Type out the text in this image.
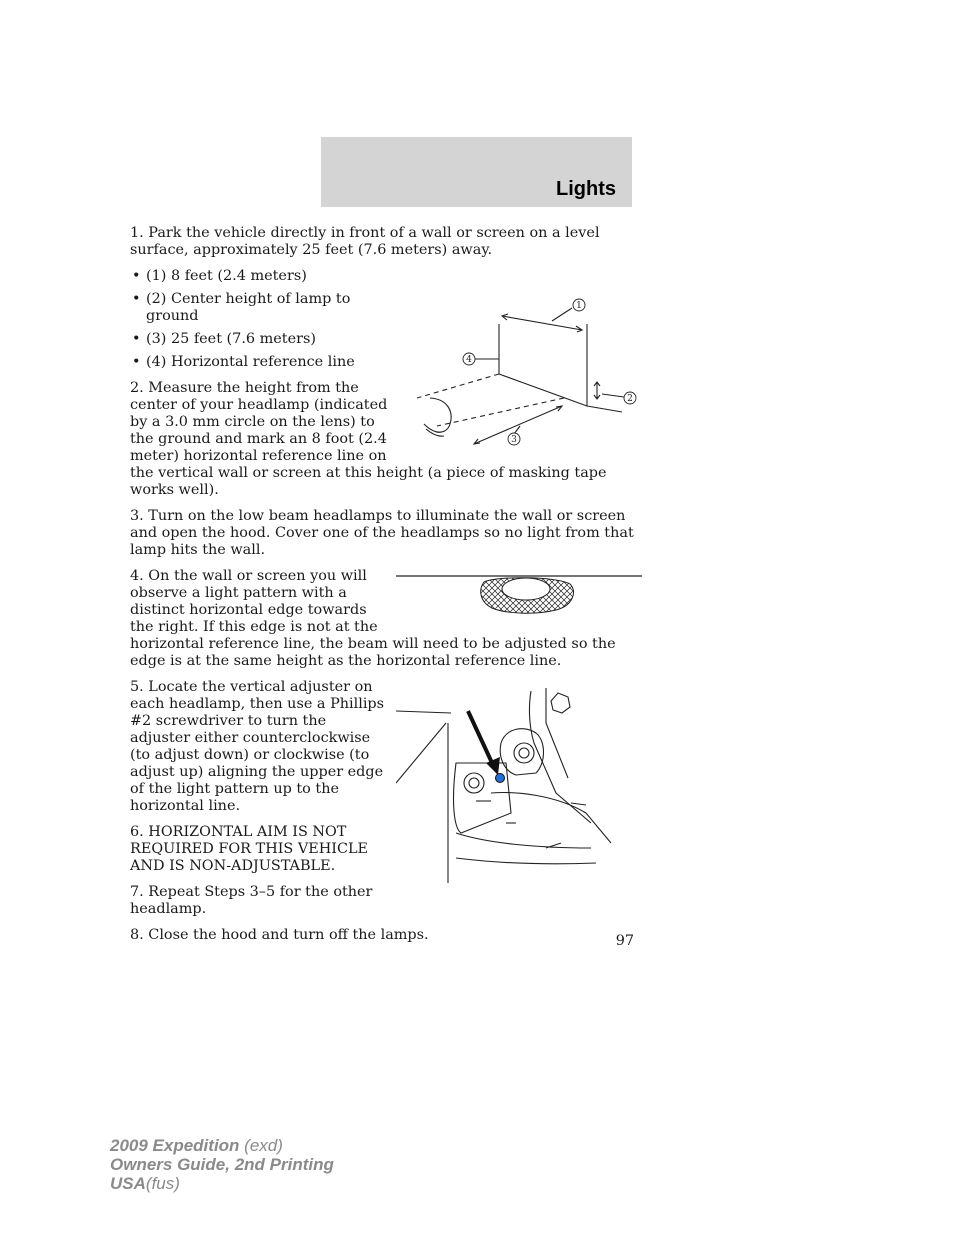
Lights

1. Park the vehicle directly in front of a wall or screen on a level surface, approximately 25 feet (7.6 meters) away.

1
2
3
4
• (1) 8 feet (2.4 meters)
• (2) Center height of lamp to ground
• (3) 25 feet (7.6 meters)
• (4) Horizontal reference line

2. Measure the height from the center of your headlamp (indicated by a 3.0 mm circle on the lens) to the ground and mark an 8 foot (2.4 meter) horizontal reference line on the vertical wall or screen at this height (a piece of masking tape works well).

3. Turn on the low beam headlamps to illuminate the wall or screen and open the hood. Cover one of the headlamps so no light from that lamp hits the wall.

4. On the wall or screen you will observe a light pattern with a distinct horizontal edge towards the right. If this edge is not at the horizontal reference line, the beam will need to be adjusted so the edge is at the same height as the horizontal reference line.

5. Locate the vertical adjuster on each headlamp, then use a Phillips #2 screwdriver to turn the adjuster either counterclockwise (to adjust down) or clockwise (to adjust up) aligning the upper edge of the light pattern up to the horizontal line.

6. HORIZONTAL AIM IS NOT REQUIRED FOR THIS VEHICLE AND IS NON-ADJUSTABLE.

7. Repeat Steps 3–5 for the other headlamp.

8. Close the hood and turn off the lamps.	97
2009 Expedition (exd)
Owners Guide, 2nd Printing
USA(fus)
